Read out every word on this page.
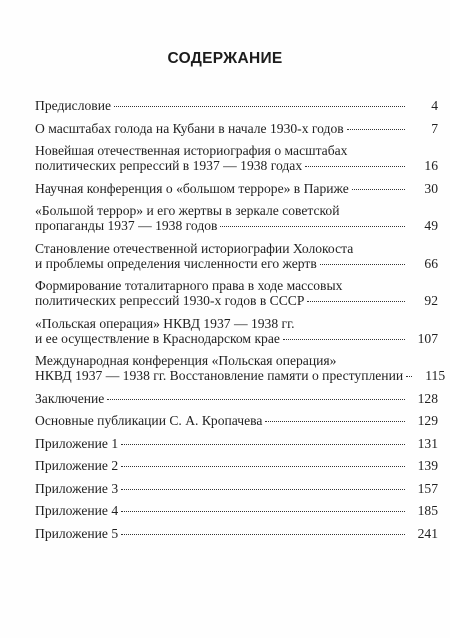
СОДЕРЖАНИЕ
Предисловие	4
О масштабах голода на Кубани в начале 1930-х годов	7
Новейшая отечественная историография о масштабах
политических репрессий в 1937 — 1938 годах	16
Научная конференция о «большом терроре» в Париже	30
«Большой террор» и его жертвы в зеркале советской
пропаганды 1937 — 1938 годов	49
Становление отечественной историографии Холокоста
и проблемы определения численности его жертв	66
Формирование тоталитарного права в ходе массовых
политических репрессий 1930-х годов в СССР	92
«Польская операция» НКВД 1937 — 1938 гг.
и ее осуществление в Краснодарском крае	107
Международная конференция «Польская операция»
НКВД 1937 — 1938 гг. Восстановление памяти о преступлении	115
Заключение	128
Основные публикации С. А. Кропачева	129
Приложение 1	131
Приложение 2	139
Приложение 3	157
Приложение 4	185
Приложение 5	241
